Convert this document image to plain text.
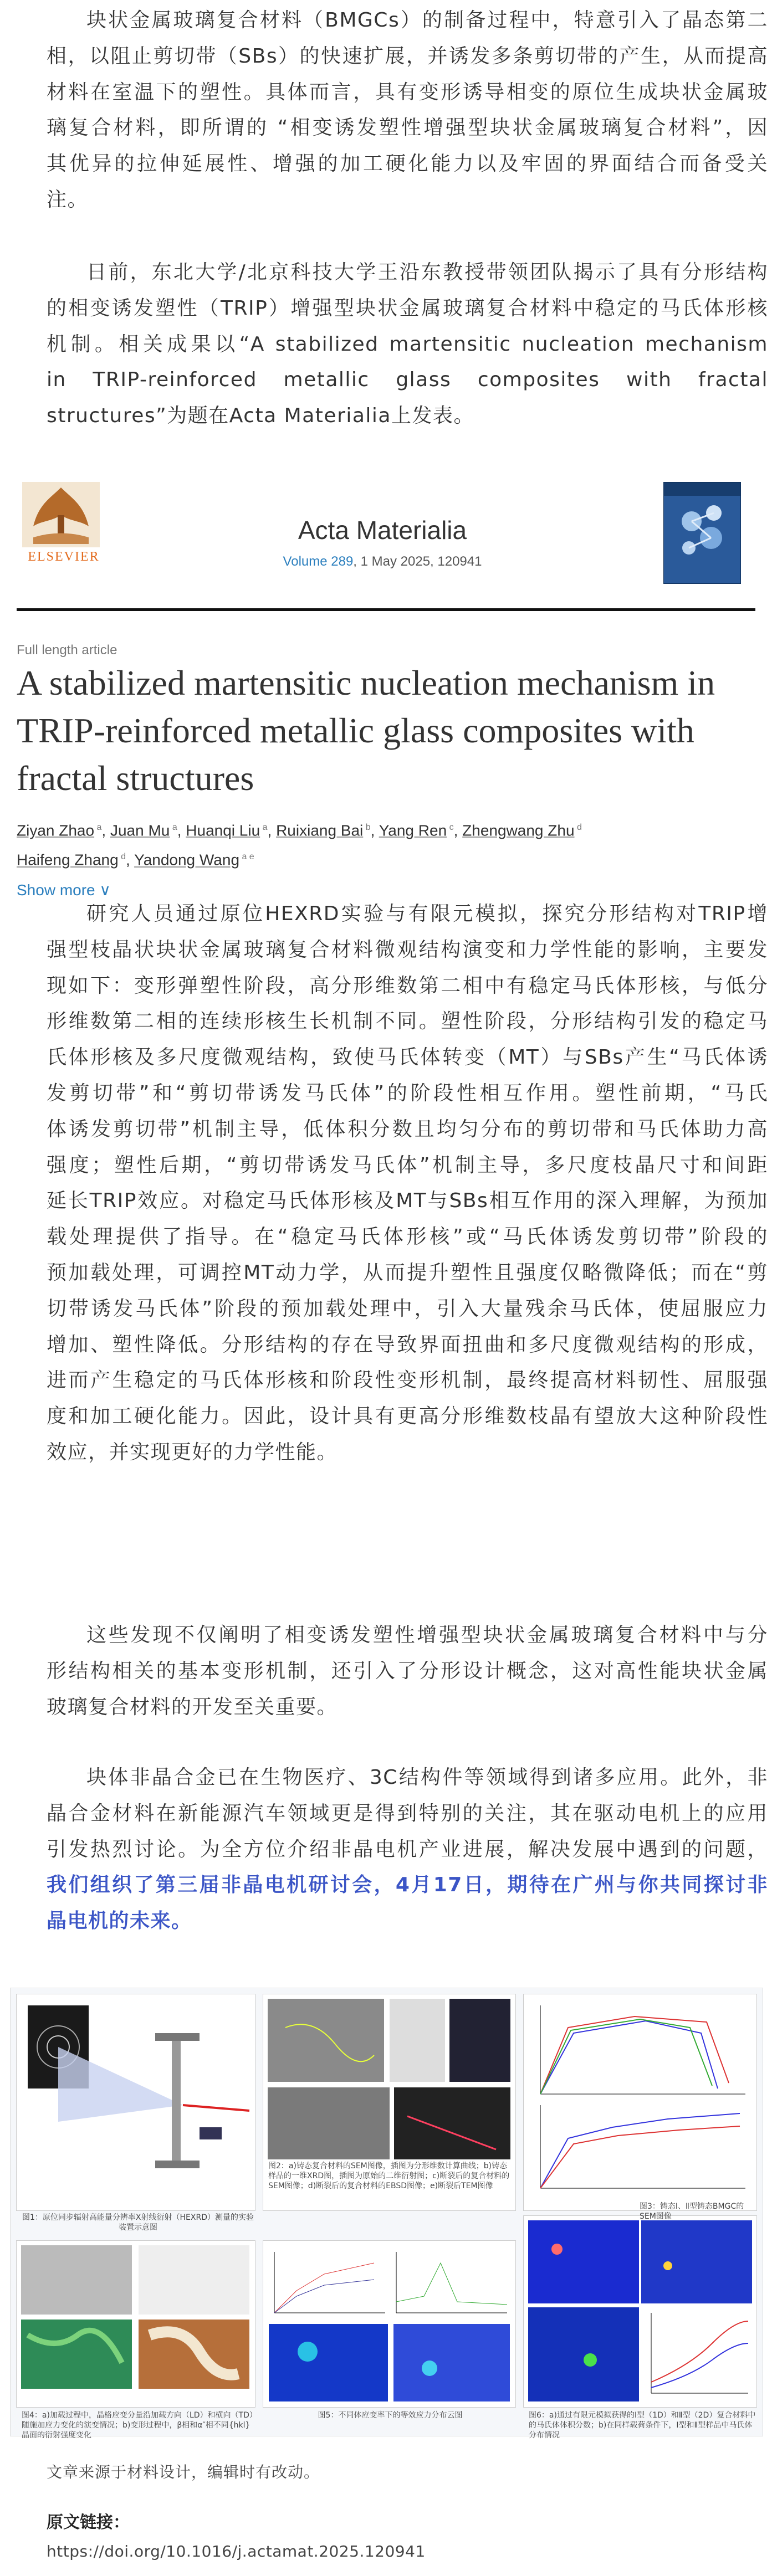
块状金属玻璃复合材料（BMGCs）的制备过程中，特意引入了晶态第二
相，以阻止剪切带（SBs）的快速扩展，并诱发多条剪切带的产生，从而提高
材料在室温下的塑性。具体而言，具有变形诱导相变的原位生成块状金属玻
璃复合材料，即所谓的 “相变诱发塑性增强型块状金属玻璃复合材料”，因
其优异的拉伸延展性、增强的加工硬化能力以及牢固的界面结合而备受关
注。
日前，东北大学/北京科技大学王沿东教授带领团队揭示了具有分形结构
的相变诱发塑性（TRIP）增强型块状金属玻璃复合材料中稳定的马氏体形核
机制。相关成果以“A stabilized martensitic nucleation mechanism
in TRIP-reinforced metallic glass composites with fractal
structures”为题在Acta Materialia上发表。
ELSEVIER
Acta Materialia
Volume 289, 1 May 2025, 120941
Full length article
A stabilized martensitic nucleation mechanism in TRIP-reinforced metallic glass composites with fractal structures
Ziyan Zhao $^a$, Juan Mu $^a$, Huanqi Liu $^a$, Ruixiang Bai $^b$, Yang Ren $^c$, Zhengwang Zhu $^d$
Haifeng Zhang $^d$, Yandong Wang $^{a e}$
Show more ∨
研究人员通过原位HEXRD实验与有限元模拟，探究分形结构对TRIP增
强型枝晶状块状金属玻璃复合材料微观结构演变和力学性能的影响，主要发
现如下：变形弹塑性阶段，高分形维数第二相中有稳定马氏体形核，与低分
形维数第二相的连续形核生长机制不同。塑性阶段，分形结构引发的稳定马
氏体形核及多尺度微观结构，致使马氏体转变（MT）与SBs产生“马氏体诱
发剪切带”和“剪切带诱发马氏体”的阶段性相互作用。塑性前期，“马氏
体诱发剪切带”机制主导，低体积分数且均匀分布的剪切带和马氏体助力高
强度；塑性后期，“剪切带诱发马氏体”机制主导，多尺度枝晶尺寸和间距
延长TRIP效应。对稳定马氏体形核及MT与SBs相互作用的深入理解，为预加
载处理提供了指导。在“稳定马氏体形核”或“马氏体诱发剪切带”阶段的
预加载处理，可调控MT动力学，从而提升塑性且强度仅略微降低；而在“剪
切带诱发马氏体”阶段的预加载处理中，引入大量残余马氏体，使屈服应力
增加、塑性降低。分形结构的存在导致界面扭曲和多尺度微观结构的形成，
进而产生稳定的马氏体形核和阶段性变形机制，最终提高材料韧性、屈服强
度和加工硬化能力。因此，设计具有更高分形维数枝晶有望放大这种阶段性
效应，并实现更好的力学性能。
这些发现不仅阐明了相变诱发塑性增强型块状金属玻璃复合材料中与分
形结构相关的基本变形机制，还引入了分形设计概念，这对高性能块状金属
玻璃复合材料的开发至关重要。
块体非晶合金已在生物医疗、3C结构件等领域得到诸多应用。此外，非
晶合金材料在新能源汽车领域更是得到特别的关注，其在驱动电机上的应用
引发热烈讨论。为全方位介绍非晶电机产业进展，解决发展中遇到的问题，
我们组织了第三届非晶电机研讨会，4月17日，期待在广州与你共同探讨非
晶电机的未来。
图1：原位同步辐射高能量分辨率X射线衍射（HEXRD）测量的实验装置示意图
图2：a)铸态复合材料的SEM图像，插图为分形维数计算曲线；b)铸态样品的一维XRD图，插图为原始的二维衍射图；c)断裂后的复合材料的SEM图像；d)断裂后的复合材料的EBSD图像；e)断裂后TEM图像
图4：a)加载过程中，晶格应变分量沿加载方向（LD）和横向（TD）随施加应力变化的演变情况；b)变形过程中，β相和α″相不同{hkl}晶面的衍射强度变化
图5：不同体应变率下的等效应力分布云图
图3：铸态Ⅰ、Ⅱ型铸态BMGC的SEM图像
图6：a)通过有限元模拟获得的Ⅰ型（1D）和Ⅱ型（2D）复合材料中的马氏体体积分数；b)在同样载荷条件下，Ⅰ型和Ⅱ型样品中马氏体分布情况
文章来源于材料设计，编辑时有改动。
原文链接：
https://doi.org/10.1016/j.actamat.2025.120941
